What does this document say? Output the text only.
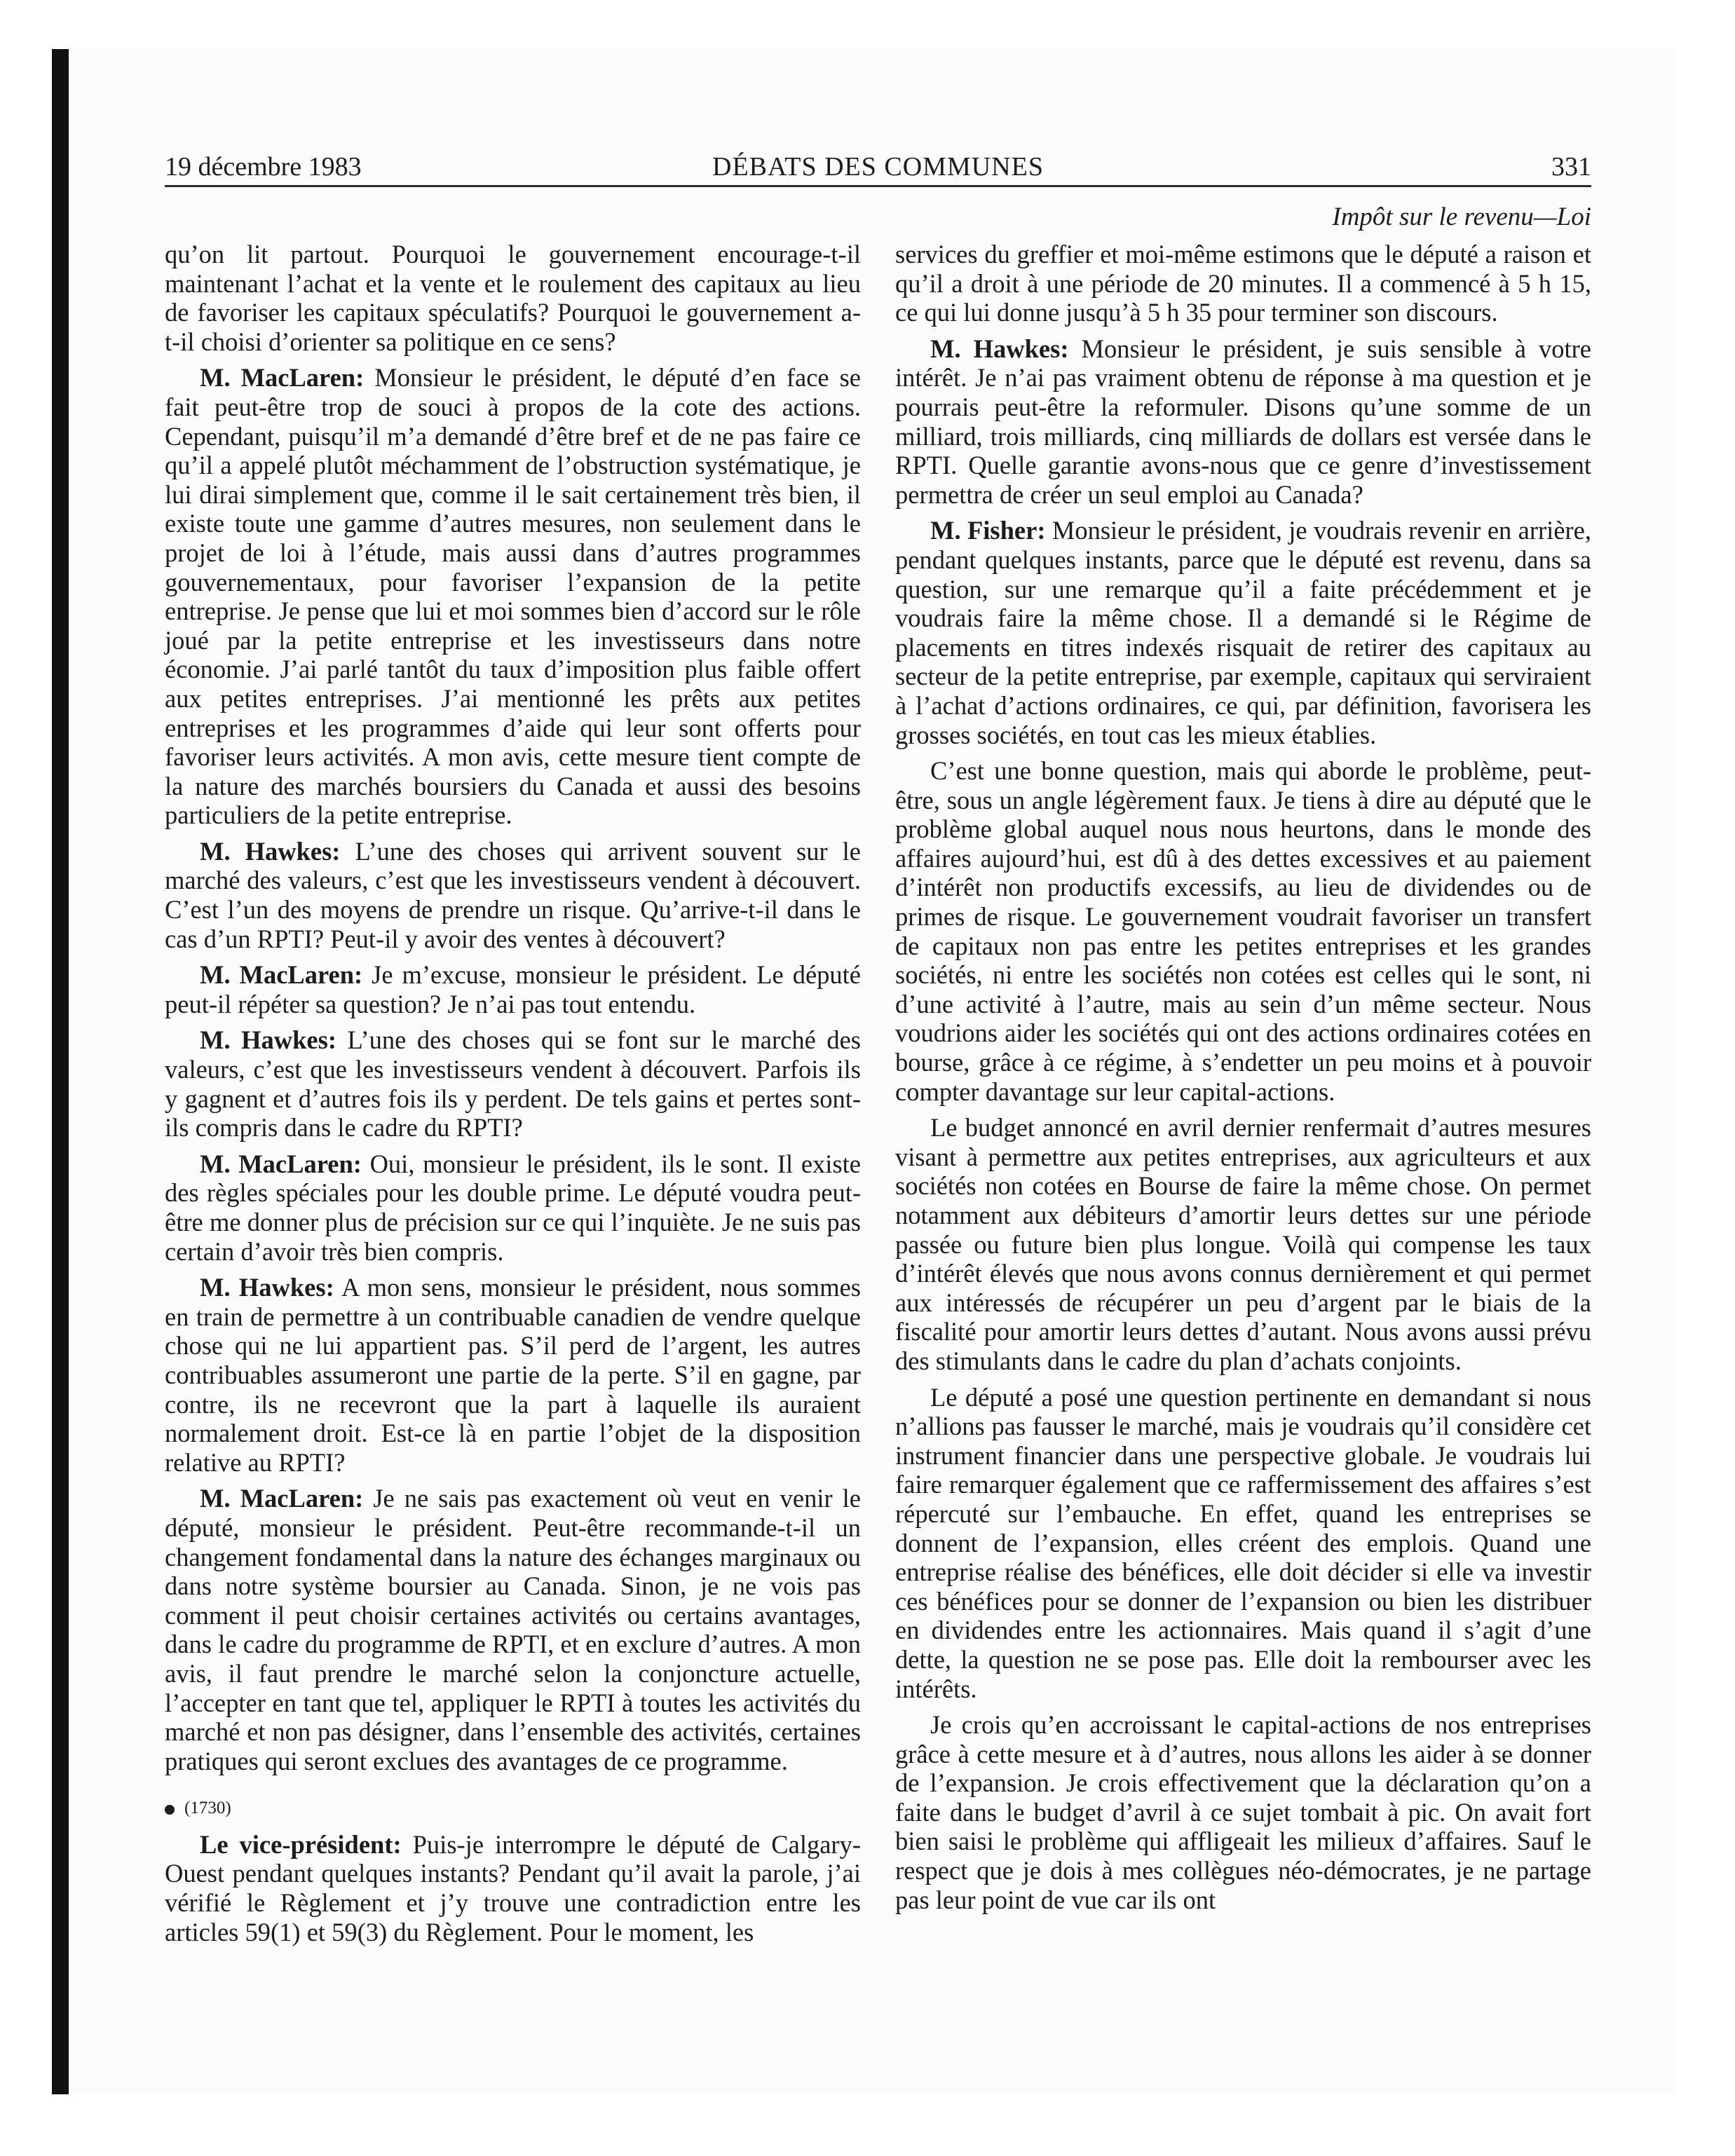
19 décembre 1983	DÉBATS DES COMMUNES	331
Impôt sur le revenu—Loi

qu’on lit partout. Pourquoi le gouvernement encourage-t-il maintenant l’achat et la vente et le roulement des capitaux au lieu de favoriser les capitaux spéculatifs? Pourquoi le gouvernement a-t-il choisi d’orienter sa politique en ce sens?

M. MacLaren: Monsieur le président, le député d’en face se fait peut-être trop de souci à propos de la cote des actions. Cependant, puisqu’il m’a demandé d’être bref et de ne pas faire ce qu’il a appelé plutôt méchamment de l’obstruction systématique, je lui dirai simplement que, comme il le sait certainement très bien, il existe toute une gamme d’autres mesures, non seulement dans le projet de loi à l’étude, mais aussi dans d’autres programmes gouvernementaux, pour favoriser l’expansion de la petite entreprise. Je pense que lui et moi sommes bien d’accord sur le rôle joué par la petite entreprise et les investisseurs dans notre économie. J’ai parlé tantôt du taux d’imposition plus faible offert aux petites entreprises. J’ai mentionné les prêts aux petites entreprises et les programmes d’aide qui leur sont offerts pour favoriser leurs activités. A mon avis, cette mesure tient compte de la nature des marchés boursiers du Canada et aussi des besoins particuliers de la petite entreprise.

M. Hawkes: L’une des choses qui arrivent souvent sur le marché des valeurs, c’est que les investisseurs vendent à découvert. C’est l’un des moyens de prendre un risque. Qu’arrive-t-il dans le cas d’un RPTI? Peut-il y avoir des ventes à découvert?

M. MacLaren: Je m’excuse, monsieur le président. Le député peut-il répéter sa question? Je n’ai pas tout entendu.

M. Hawkes: L’une des choses qui se font sur le marché des valeurs, c’est que les investisseurs vendent à découvert. Parfois ils y gagnent et d’autres fois ils y perdent. De tels gains et pertes sont-ils compris dans le cadre du RPTI?

M. MacLaren: Oui, monsieur le président, ils le sont. Il existe des règles spéciales pour les double prime. Le député voudra peut-être me donner plus de précision sur ce qui l’inquiète. Je ne suis pas certain d’avoir très bien compris.

M. Hawkes: A mon sens, monsieur le président, nous sommes en train de permettre à un contribuable canadien de vendre quelque chose qui ne lui appartient pas. S’il perd de l’argent, les autres contribuables assumeront une partie de la perte. S’il en gagne, par contre, ils ne recevront que la part à laquelle ils auraient normalement droit. Est-ce là en partie l’objet de la disposition relative au RPTI?

M. MacLaren: Je ne sais pas exactement où veut en venir le député, monsieur le président. Peut-être recommande-t-il un changement fondamental dans la nature des échanges marginaux ou dans notre système boursier au Canada. Sinon, je ne vois pas comment il peut choisir certaines activités ou certains avantages, dans le cadre du programme de RPTI, et en exclure d’autres. A mon avis, il faut prendre le marché selon la conjoncture actuelle, l’accepter en tant que tel, appliquer le RPTI à toutes les activités du marché et non pas désigner, dans l’ensemble des activités, certaines pratiques qui seront exclues des avantages de ce programme.

(1730)

Le vice-président: Puis-je interrompre le député de Calgary-Ouest pendant quelques instants? Pendant qu’il avait la parole, j’ai vérifié le Règlement et j’y trouve une contradiction entre les articles 59(1) et 59(3) du Règlement. Pour le moment, les

services du greffier et moi-même estimons que le député a raison et qu’il a droit à une période de 20 minutes. Il a commencé à 5 h 15, ce qui lui donne jusqu’à 5 h 35 pour terminer son discours.

M. Hawkes: Monsieur le président, je suis sensible à votre intérêt. Je n’ai pas vraiment obtenu de réponse à ma question et je pourrais peut-être la reformuler. Disons qu’une somme de un milliard, trois milliards, cinq milliards de dollars est versée dans le RPTI. Quelle garantie avons-nous que ce genre d’investissement permettra de créer un seul emploi au Canada?

M. Fisher: Monsieur le président, je voudrais revenir en arrière, pendant quelques instants, parce que le député est revenu, dans sa question, sur une remarque qu’il a faite précédemment et je voudrais faire la même chose. Il a demandé si le Régime de placements en titres indexés risquait de retirer des capitaux au secteur de la petite entreprise, par exemple, capitaux qui serviraient à l’achat d’actions ordinaires, ce qui, par définition, favorisera les grosses sociétés, en tout cas les mieux établies.

C’est une bonne question, mais qui aborde le problème, peut-être, sous un angle légèrement faux. Je tiens à dire au député que le problème global auquel nous nous heurtons, dans le monde des affaires aujourd’hui, est dû à des dettes excessives et au paiement d’intérêt non productifs excessifs, au lieu de dividendes ou de primes de risque. Le gouvernement voudrait favoriser un transfert de capitaux non pas entre les petites entreprises et les grandes sociétés, ni entre les sociétés non cotées est celles qui le sont, ni d’une activité à l’autre, mais au sein d’un même secteur. Nous voudrions aider les sociétés qui ont des actions ordinaires cotées en bourse, grâce à ce régime, à s’endetter un peu moins et à pouvoir compter davantage sur leur capital-actions.

Le budget annoncé en avril dernier renfermait d’autres mesures visant à permettre aux petites entreprises, aux agriculteurs et aux sociétés non cotées en Bourse de faire la même chose. On permet notamment aux débiteurs d’amortir leurs dettes sur une période passée ou future bien plus longue. Voilà qui compense les taux d’intérêt élevés que nous avons connus dernièrement et qui permet aux intéressés de récupérer un peu d’argent par le biais de la fiscalité pour amortir leurs dettes d’autant. Nous avons aussi prévu des stimulants dans le cadre du plan d’achats conjoints.

Le député a posé une question pertinente en demandant si nous n’allions pas fausser le marché, mais je voudrais qu’il considère cet instrument financier dans une perspective globale. Je voudrais lui faire remarquer également que ce raffermissement des affaires s’est répercuté sur l’embauche. En effet, quand les entreprises se donnent de l’expansion, elles créent des emplois. Quand une entreprise réalise des bénéfices, elle doit décider si elle va investir ces bénéfices pour se donner de l’expansion ou bien les distribuer en dividendes entre les actionnaires. Mais quand il s’agit d’une dette, la question ne se pose pas. Elle doit la rembourser avec les intérêts.

Je crois qu’en accroissant le capital-actions de nos entreprises grâce à cette mesure et à d’autres, nous allons les aider à se donner de l’expansion. Je crois effectivement que la déclaration qu’on a faite dans le budget d’avril à ce sujet tombait à pic. On avait fort bien saisi le problème qui affligeait les milieux d’affaires. Sauf le respect que je dois à mes collègues néo-démocrates, je ne partage pas leur point de vue car ils ont
